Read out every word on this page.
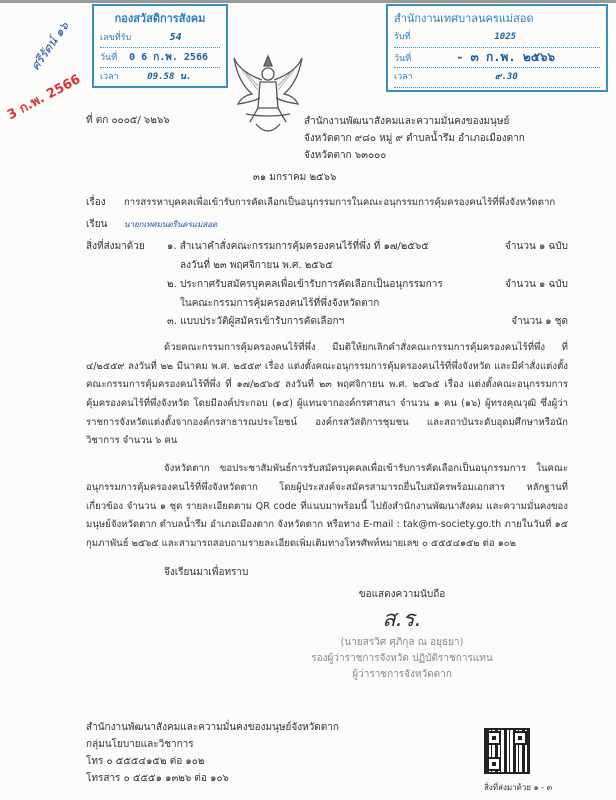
กองสวัสดิการสังคม
เลขที่รับ	54
วันที่	0 6 ก.พ. 2566
เวลา	09.58 น.
สำนักงานเทศบาลนครแม่สอด
รับที่	1025
วันที่	- ๓ ก.พ. ๒๕๖๖
เวลา	๙.30
ศรีรัตน์ ๑๖
3 ก.พ. 2566 ที่ ตก ๐๐๐๕/ ๖๒๖๖	สำนักงานพัฒนาสังคมและความมั่นคงของมนุษย์
จังหวัดตาก ๙๘๐ หมู่ ๙ ตำบลน้ำรึม อำเภอเมืองตาก
จังหวัดตาก ๖๓๐๐๐
๓๑ มกราคม ๒๕๖๖
เรื่อง	การสรรหาบุคคลเพื่อเข้ารับการคัดเลือกเป็นอนุกรรมการในคณะอนุกรรมการคุ้มครองคนไร้ที่พึ่งจังหวัดตาก
เรียน	นายกเทศมนตรีนครแม่สอด
สิ่งที่ส่งมาด้วย	๑. สำเนาคำสั่งคณะกรรมการคุ้มครองคนไร้ที่พึ่ง ที่ ๑๗/๒๕๖๕	จำนวน ๑ ฉบับ
ลงวันที่ ๒๓ พฤศจิกายน พ.ศ. ๒๕๖๕
๒. ประกาศรับสมัครบุคคลเพื่อเข้ารับการคัดเลือกเป็นอนุกรรมการ	จำนวน ๑ ฉบับ
ในคณะกรรมการคุ้มครองคนไร้ที่พึ่งจังหวัดตาก
๓. แบบประวัติผู้สมัครเข้ารับการคัดเลือกฯ	จำนวน ๑ ชุด
ด้วยคณะกรรมการคุ้มครองคนไร้ที่พึ่ง มีมติให้ยกเลิกคำสั่งคณะกรรมการคุ้มครองคนไร้ที่พึ่ง ที่ ๔/๒๕๕๙ ลงวันที่ ๒๒ มีนาคม พ.ศ. ๒๕๕๙ เรื่อง แต่งตั้งคณะอนุกรรมการคุ้มครองคนไร้ที่พึ่งจังหวัด และมีคำสั่งแต่งตั้งคณะกรรมการคุ้มครองคนไร้ที่พึ่ง ที่ ๑๗/๒๕๖๕ ลงวันที่ ๒๓ พฤศจิกายน พ.ศ. ๒๕๖๕ เรื่อง แต่งตั้งคณะอนุกรรมการคุ้มครองคนไร้ที่พึ่งจังหวัด โดยมีองค์ประกอบ (๑๕) ผู้แทนจากองค์กรศาสนา จำนวน ๑ คน (๑๖) ผู้ทรงคุณวุฒิ ซึ่งผู้ว่าราชการจังหวัดแต่งตั้งจากองค์กรสาธารณประโยชน์ องค์กรสวัสดิการชุมชน และสถาบันระดับอุดมศึกษาหรือนักวิชาการ จำนวน ๖ คน
จังหวัดตาก ขอประชาสัมพันธ์การรับสมัครบุคคลเพื่อเข้ารับการคัดเลือกเป็นอนุกรรมการ ในคณะอนุกรรมการคุ้มครองคนไร้ที่พึ่งจังหวัดตาก โดยผู้ประสงค์จะสมัครสามารถยื่นใบสมัครพร้อมเอกสาร หลักฐานที่เกี่ยวข้อง จำนวน ๑ ชุด รายละเอียดตาม QR code ที่แนบมาพร้อมนี้ ไปยังสำนักงานพัฒนาสังคม และความมั่นคงของมนุษย์จังหวัดตาก ตำบลน้ำรึม อำเภอเมืองตาก จังหวัดตาก หรือทาง E-mail : tak@m-society.go.th ภายในวันที่ ๑๕ กุมภาพันธ์ ๒๕๖๕ และสามารถสอบถามรายละเอียดเพิ่มเติมทางโทรศัพท์หมายเลข ๐ ๕๕๕๔๑๕๒ ต่อ ๑๐๒
จึงเรียนมาเพื่อทราบ
ขอแสดงความนับถือ
ส.ร.
(นายสรวิศ ศุภิกุล ณ อยุธยา)
รองผู้ว่าราชการจังหวัด ปฏิบัติราชการแทน
ผู้ว่าราชการจังหวัดตาก
สำนักงานพัฒนาสังคมและความมั่นคงของมนุษย์จังหวัดตาก
กลุ่มนโยบายและวิชาการ
โทร ๐ ๕๕๕๔๑๕๒ ต่อ ๑๐๒
โทรสาร ๐ ๕๕๕๑ ๑๓๒๖ ต่อ ๑๐๖
สิ่งที่ส่งมาด้วย ๑ - ๓
